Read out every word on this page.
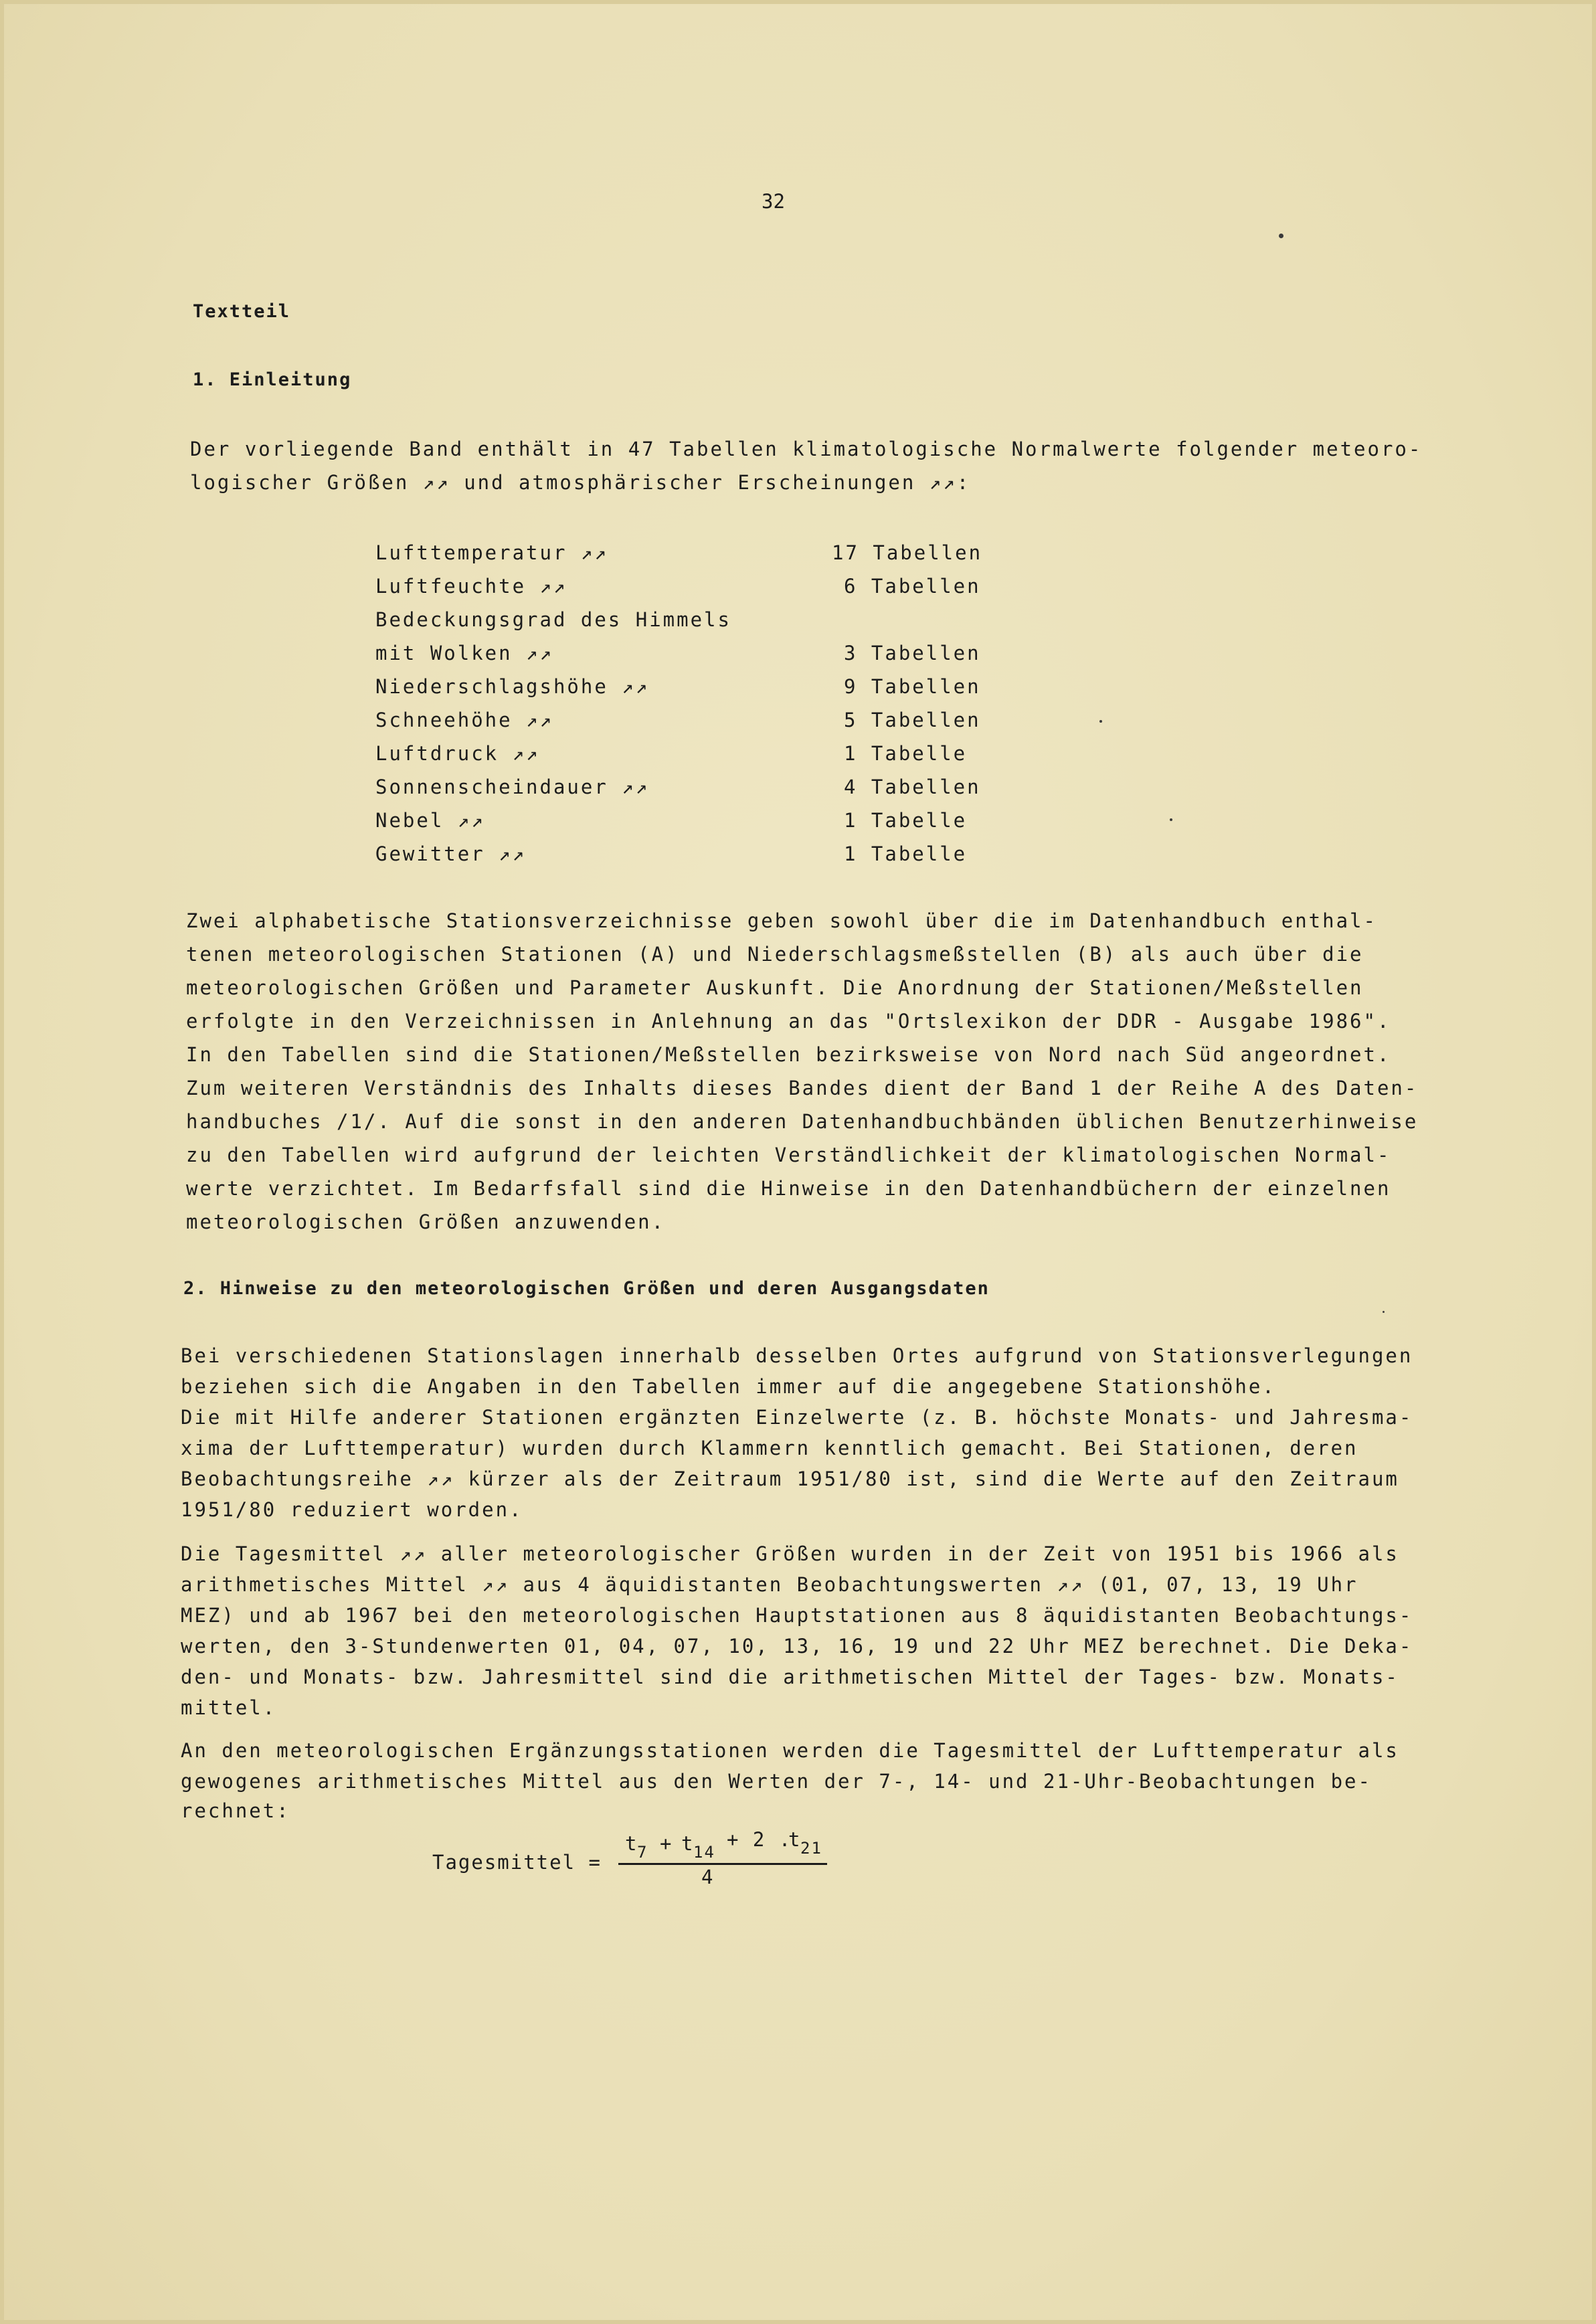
32
Textteil
1. Einleitung

Der vorliegende Band enthält in 47 Tabellen klimatologische Normalwerte folgender meteoro-

logischer Größen ↗↗ und atmosphärischer Erscheinungen ↗↗:

Lufttemperatur ↗↗

	17 Tabellen

Luftfeuchte ↗↗

	6 Tabellen

Bedeckungsgrad des Himmels

mit Wolken ↗↗

	3 Tabellen

Niederschlagshöhe ↗↗

	9 Tabellen

Schneehöhe ↗↗

	5 Tabellen

Luftdruck ↗↗

	1 Tabelle

Sonnenscheindauer ↗↗

	4 Tabellen

Nebel ↗↗

	1 Tabelle

Gewitter ↗↗

	1 Tabelle

Zwei alphabetische Stationsverzeichnisse geben sowohl über die im Datenhandbuch enthal-

tenen meteorologischen Stationen (A) und Niederschlagsmeßstellen (B) als auch über die

meteorologischen Größen und Parameter Auskunft. Die Anordnung der Stationen/Meßstellen

erfolgte in den Verzeichnissen in Anlehnung an das "Ortslexikon der DDR - Ausgabe 1986".

In den Tabellen sind die Stationen/Meßstellen bezirksweise von Nord nach Süd angeordnet.

Zum weiteren Verständnis des Inhalts dieses Bandes dient der Band 1 der Reihe A des Daten-

handbuches /1/. Auf die sonst in den anderen Datenhandbuchbänden üblichen Benutzerhinweise

zu den Tabellen wird aufgrund der leichten Verständlichkeit der klimatologischen Normal-

werte verzichtet. Im Bedarfsfall sind die Hinweise in den Datenhandbüchern der einzelnen

meteorologischen Größen anzuwenden.

2. Hinweise zu den meteorologischen Größen und deren Ausgangsdaten

Bei verschiedenen Stationslagen innerhalb desselben Ortes aufgrund von Stationsverlegungen

beziehen sich die Angaben in den Tabellen immer auf die angegebene Stationshöhe.

Die mit Hilfe anderer Stationen ergänzten Einzelwerte (z. B. höchste Monats- und Jahresma-

xima der Lufttemperatur) wurden durch Klammern kenntlich gemacht. Bei Stationen, deren

Beobachtungsreihe ↗↗ kürzer als der Zeitraum 1951/80 ist, sind die Werte auf den Zeitraum

1951/80 reduziert worden.

Die Tagesmittel ↗↗ aller meteorologischer Größen wurden in der Zeit von 1951 bis 1966 als

arithmetisches Mittel ↗↗ aus 4 äquidistanten Beobachtungswerten ↗↗ (01, 07, 13, 19 Uhr

MEZ) und ab 1967 bei den meteorologischen Hauptstationen aus 8 äquidistanten Beobachtungs-

werten, den 3-Stundenwerten 01, 04, 07, 10, 13, 16, 19 und 22 Uhr MEZ berechnet. Die Deka-

den- und Monats- bzw. Jahresmittel sind die arithmetischen Mittel der Tages- bzw. Monats-

mittel.

An den meteorologischen Ergänzungsstationen werden die Tagesmittel der Lufttemperatur als

gewogenes arithmetisches Mittel aus den Werten der 7-, 14- und 21-Uhr-Beobachtungen be-

rechnet:

Tagesmittel =
t
7 + t
14
+ 2 .
t
21
4
